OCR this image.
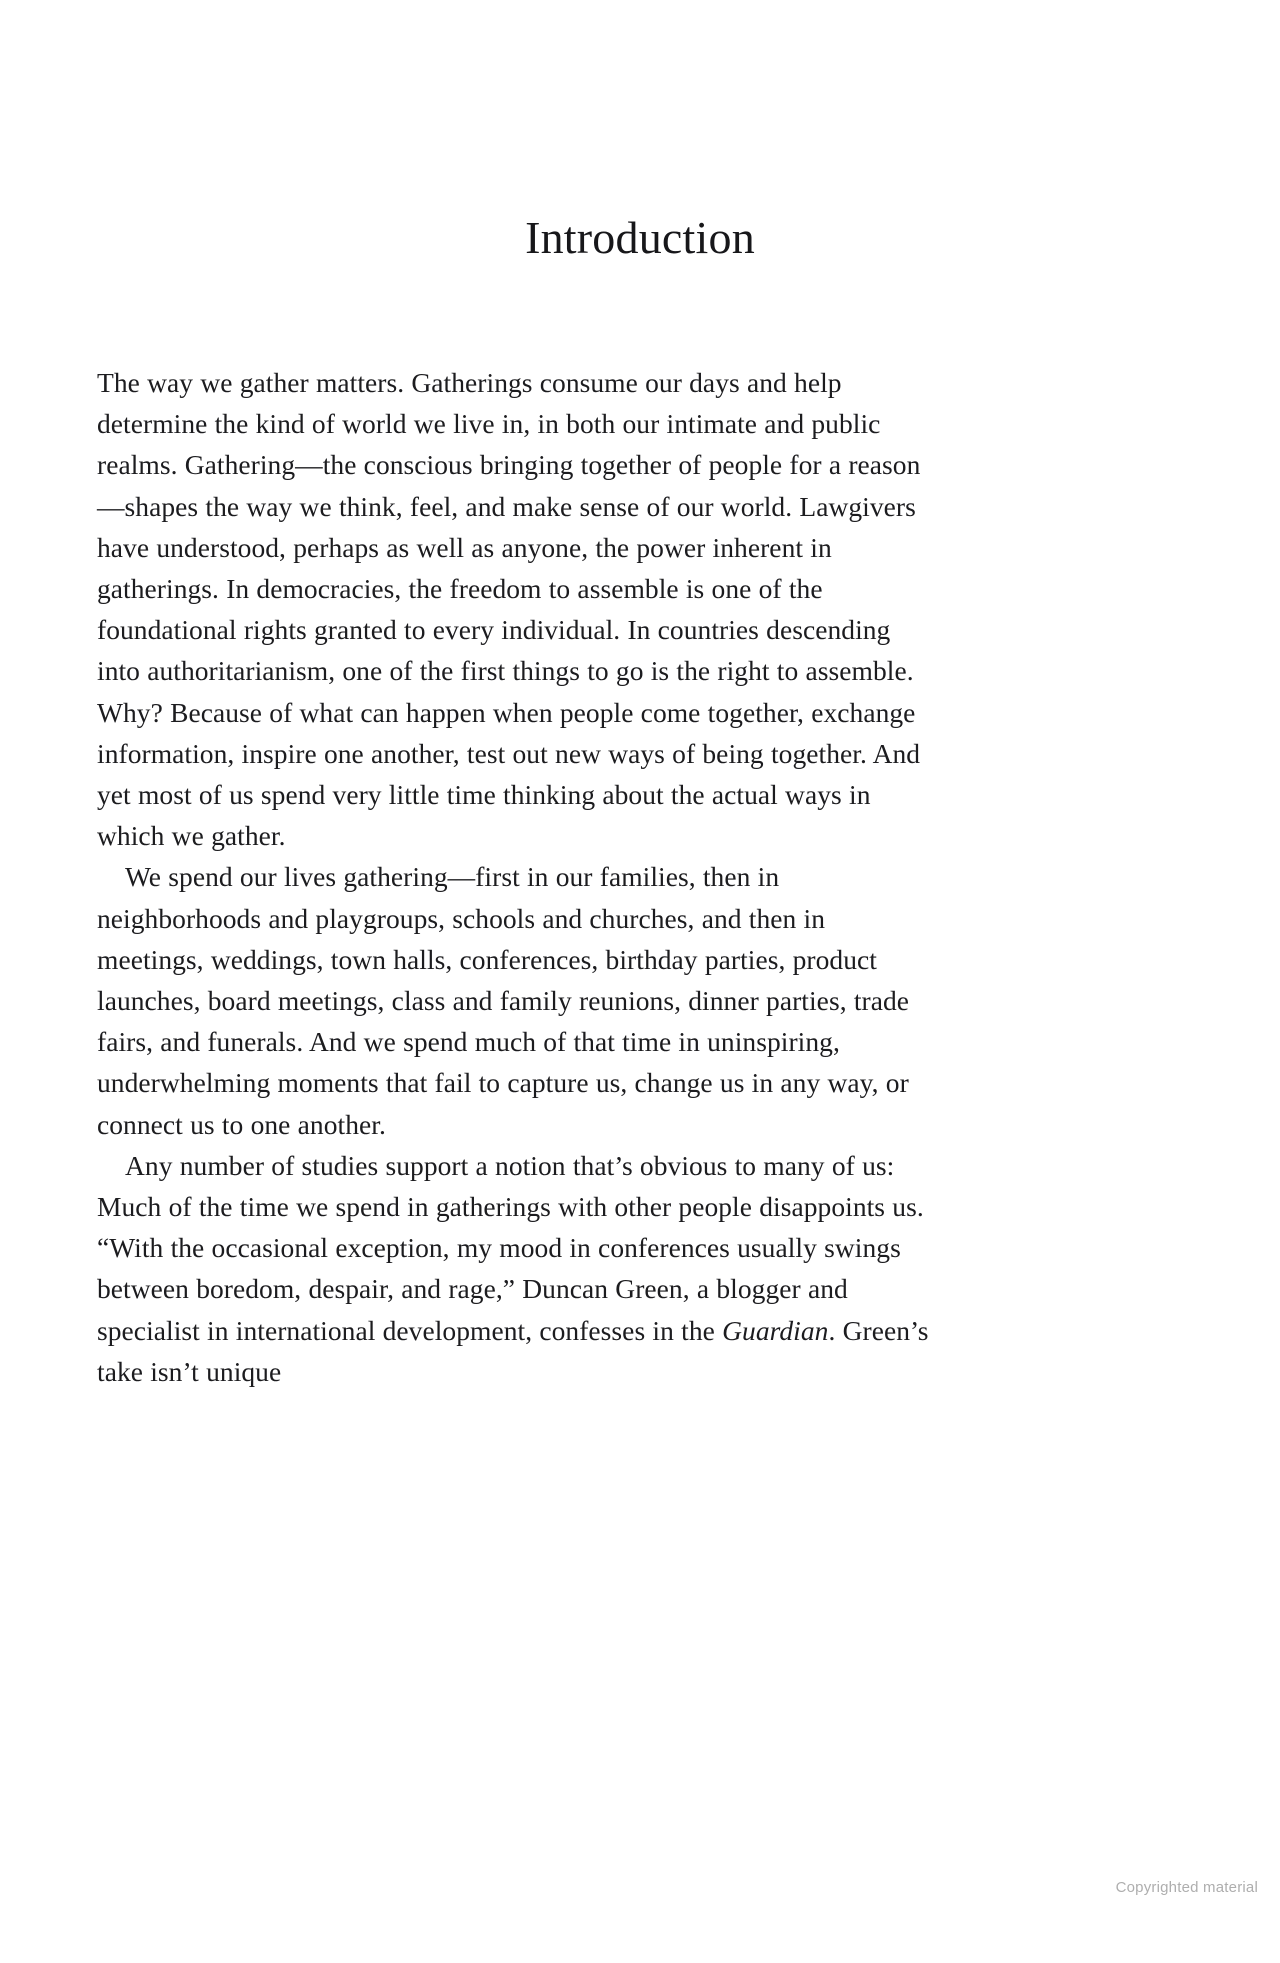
Introduction

The way we gather matters. Gatherings consume our days and help determine the kind of world we live in, in both our intimate and public realms. Gathering—the conscious bringing together of people for a reason—shapes the way we think, feel, and make sense of our world. Lawgivers have understood, perhaps as well as anyone, the power inherent in gatherings. In democracies, the freedom to assemble is one of the foundational rights granted to every individual. In countries descending into authoritarianism, one of the first things to go is the right to assemble. Why? Because of what can happen when people come together, exchange information, inspire one another, test out new ways of being together. And yet most of us spend very little time thinking about the actual ways in which we gather.

We spend our lives gathering—first in our families, then in neighborhoods and playgroups, schools and churches, and then in meetings, weddings, town halls, conferences, birthday parties, product launches, board meetings, class and family reunions, dinner parties, trade fairs, and funerals. And we spend much of that time in uninspiring, underwhelming moments that fail to capture us, change us in any way, or connect us to one another.

Any number of studies support a notion that’s obvious to many of us: Much of the time we spend in gatherings with other people disappoints us. “With the occasional exception, my mood in conferences usually swings between boredom, despair, and rage,” Duncan Green, a blogger and specialist in international development, confesses in the Guardian. Green’s take isn’t unique

Copyrighted material
